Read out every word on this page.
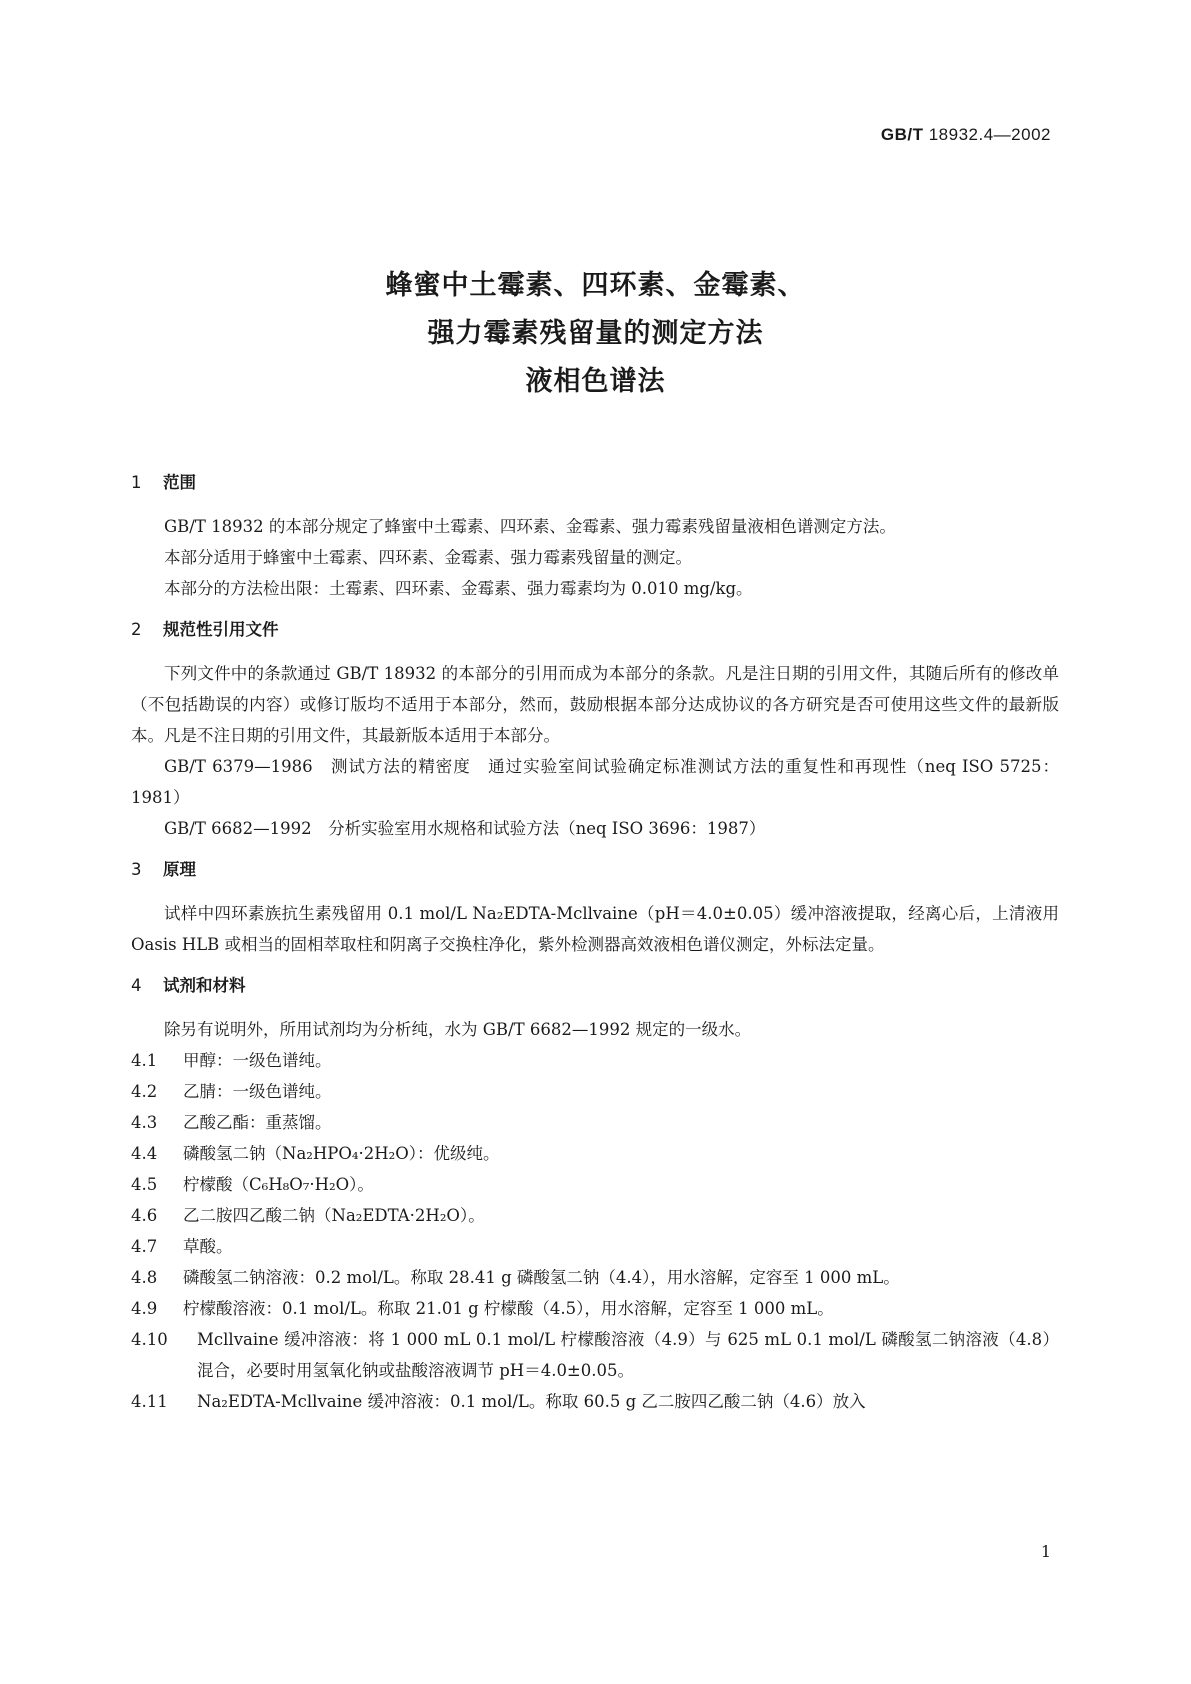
GB/T 18932.4—2002
蜂蜜中土霉素、四环素、金霉素、
强力霉素残留量的测定方法
液相色谱法
1 范围
GB/T 18932 的本部分规定了蜂蜜中土霉素、四环素、金霉素、强力霉素残留量液相色谱测定方法。
本部分适用于蜂蜜中土霉素、四环素、金霉素、强力霉素残留量的测定。
本部分的方法检出限：土霉素、四环素、金霉素、强力霉素均为 0.010 mg/kg。
2 规范性引用文件
下列文件中的条款通过 GB/T 18932 的本部分的引用而成为本部分的条款。凡是注日期的引用文件，其随后所有的修改单（不包括勘误的内容）或修订版均不适用于本部分，然而，鼓励根据本部分达成协议的各方研究是否可使用这些文件的最新版本。凡是不注日期的引用文件，其最新版本适用于本部分。
GB/T 6379—1986　测试方法的精密度　通过实验室间试验确定标准测试方法的重复性和再现性（neq ISO 5725：1981）
GB/T 6682—1992　分析实验室用水规格和试验方法（neq ISO 3696：1987）
3 原理
试样中四环素族抗生素残留用 0.1 mol/L Na₂EDTA-Mcllvaine（pH＝4.0±0.05）缓冲溶液提取，经离心后，上清液用 Oasis HLB 或相当的固相萃取柱和阴离子交换柱净化，紫外检测器高效液相色谱仪测定，外标法定量。
4 试剂和材料
除另有说明外，所用试剂均为分析纯，水为 GB/T 6682—1992 规定的一级水。
4.1	甲醇：一级色谱纯。
4.2	乙腈：一级色谱纯。
4.3	乙酸乙酯：重蒸馏。
4.4	磷酸氢二钠（Na₂HPO₄·2H₂O）：优级纯。
4.5	柠檬酸（C₆H₈O₇·H₂O）。
4.6	乙二胺四乙酸二钠（Na₂EDTA·2H₂O）。
4.7	草酸。
4.8	磷酸氢二钠溶液：0.2 mol/L。称取 28.41 g 磷酸氢二钠（4.4），用水溶解，定容至 1 000 mL。
4.9	柠檬酸溶液：0.1 mol/L。称取 21.01 g 柠檬酸（4.5），用水溶解，定容至 1 000 mL。
4.10	Mcllvaine 缓冲溶液：将 1 000 mL 0.1 mol/L 柠檬酸溶液（4.9）与 625 mL 0.1 mol/L 磷酸氢二钠溶液（4.8）混合，必要时用氢氧化钠或盐酸溶液调节 pH＝4.0±0.05。
4.11	Na₂EDTA-Mcllvaine 缓冲溶液：0.1 mol/L。称取 60.5 g 乙二胺四乙酸二钠（4.6）放入
1
